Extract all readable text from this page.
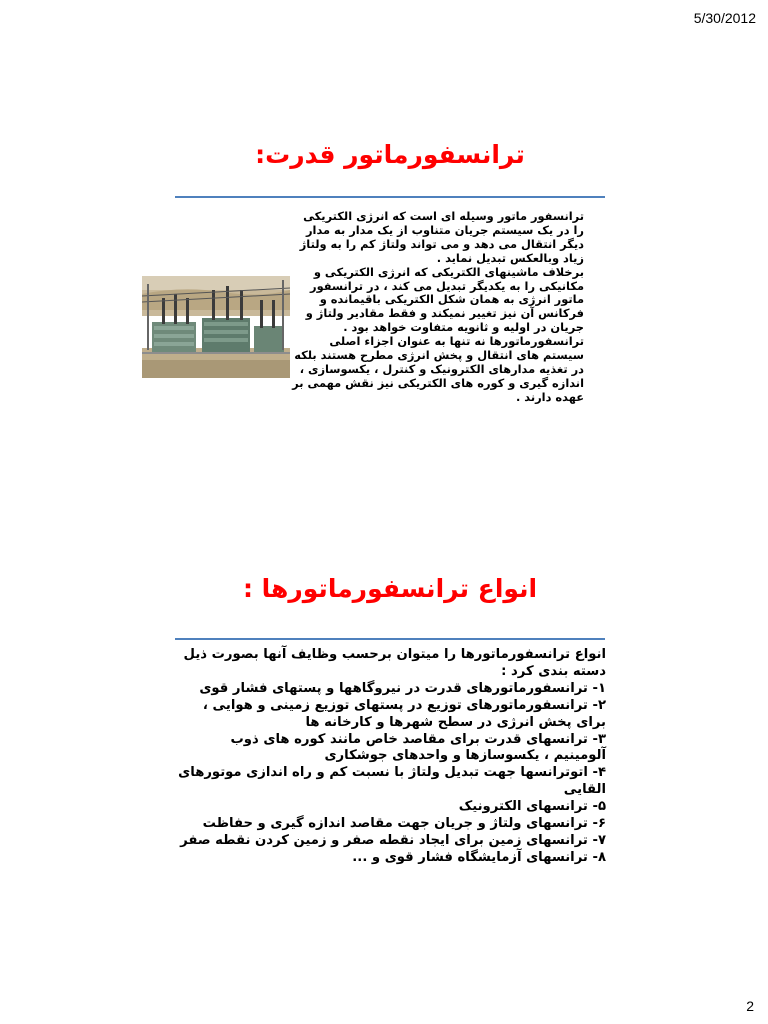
5/30/2012
ترانسفورماتور قدرت:

ترانسفور ماتور وسیله ای است که انرژی الکتریکی را در یک سیستم جریان متناوب از یک مدار به مدار دیگر انتقال می دهد و می تواند ولتاژ کم را به ولتاژ زیاد وبالعکس تبدیل نماید .

برخلاف ماشینهای الکتریکی که انرژی الکتریکی و مکانیکی را به یکدیگر تبدیل می کند ، در ترانسفور ماتور انرژی به همان شکل الکتریکی باقیمانده و فرکانس آن نیز تغییر نمیکند و فقط مقادیر ولتاژ و جریان در اولیه و ثانویه متفاوت خواهد بود .

ترانسفورماتورها نه تنها به عنوان اجزاء اصلی سیستم های انتقال و پخش انرژی مطرح هستند بلکه در تغذیه مدارهای الکترونیک و کنترل ، یکسوسازی ، اندازه گیری و کوره های الکتریکی نیز نقش مهمی بر عهده دارند .

انواع ترانسفورماتورها :

انواع ترانسفورماتورها را میتوان برحسب وظایف آنها بصورت ذیل دسته بندی کرد :

۱- ترانسفورماتورهای قدرت در نیروگاهها و پستهای فشار قوی

۲- ترانسفورماتورهای توزیع در پستهای توزیع زمینی و هوایی ، برای پخش انرژی در سطح شهرها و کارخانه ها

۳- ترانسهای قدرت برای مقاصد خاص مانند کوره های ذوب آلومینیم ، یکسوسازها و واحدهای جوشکاری

۴- اتوترانسها جهت تبدیل ولتاژ با نسبت کم و راه اندازی موتورهای القایی

۵- ترانسهای الکترونیک

۶- ترانسهای ولتاژ و جریان جهت مقاصد اندازه گیری و حفاظت

۷- ترانسهای زمین برای ایجاد نقطه صفر و زمین کردن نقطه صفر

۸- ترانسهای آزمایشگاه فشار قوی و ...

2
